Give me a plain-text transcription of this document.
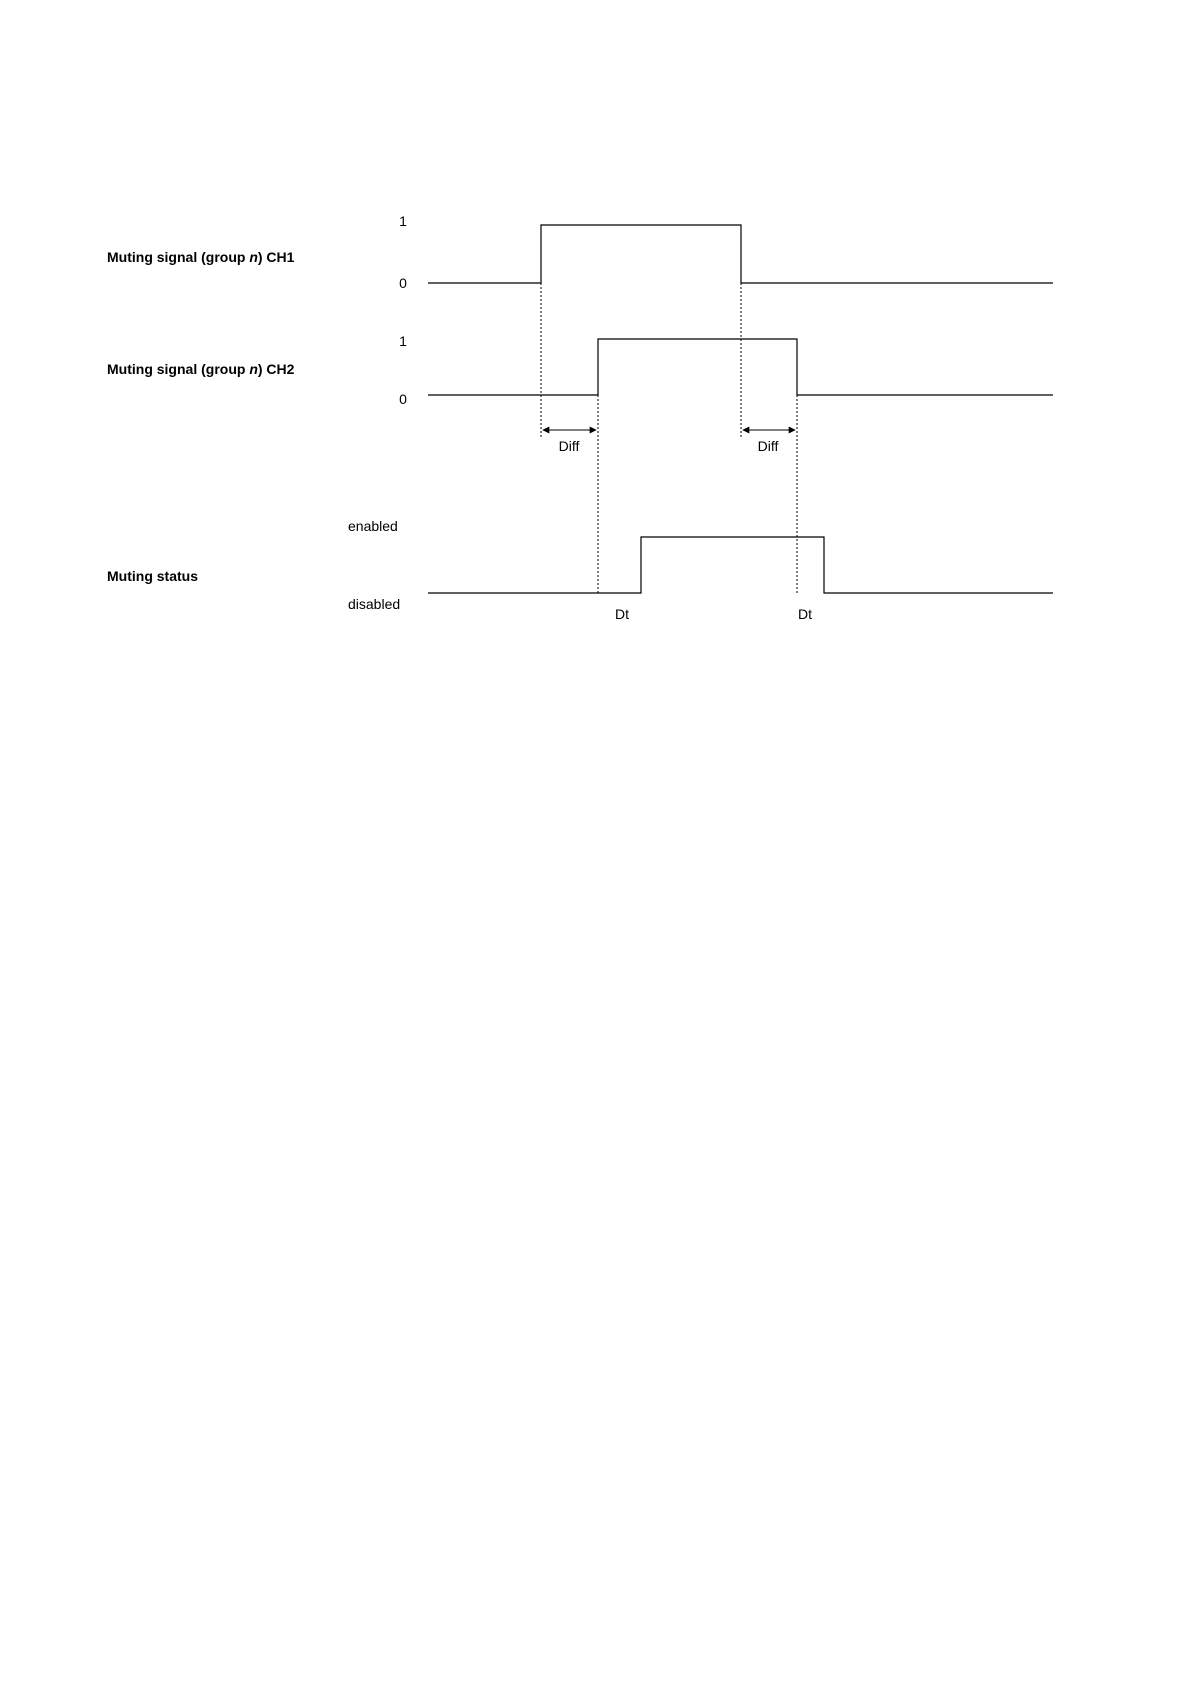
Muting signal (group n) CH1
Muting signal (group n) CH2
Muting status
1
0
1
0
enabled
disabled
Diff	Diff
Dt	Dt
